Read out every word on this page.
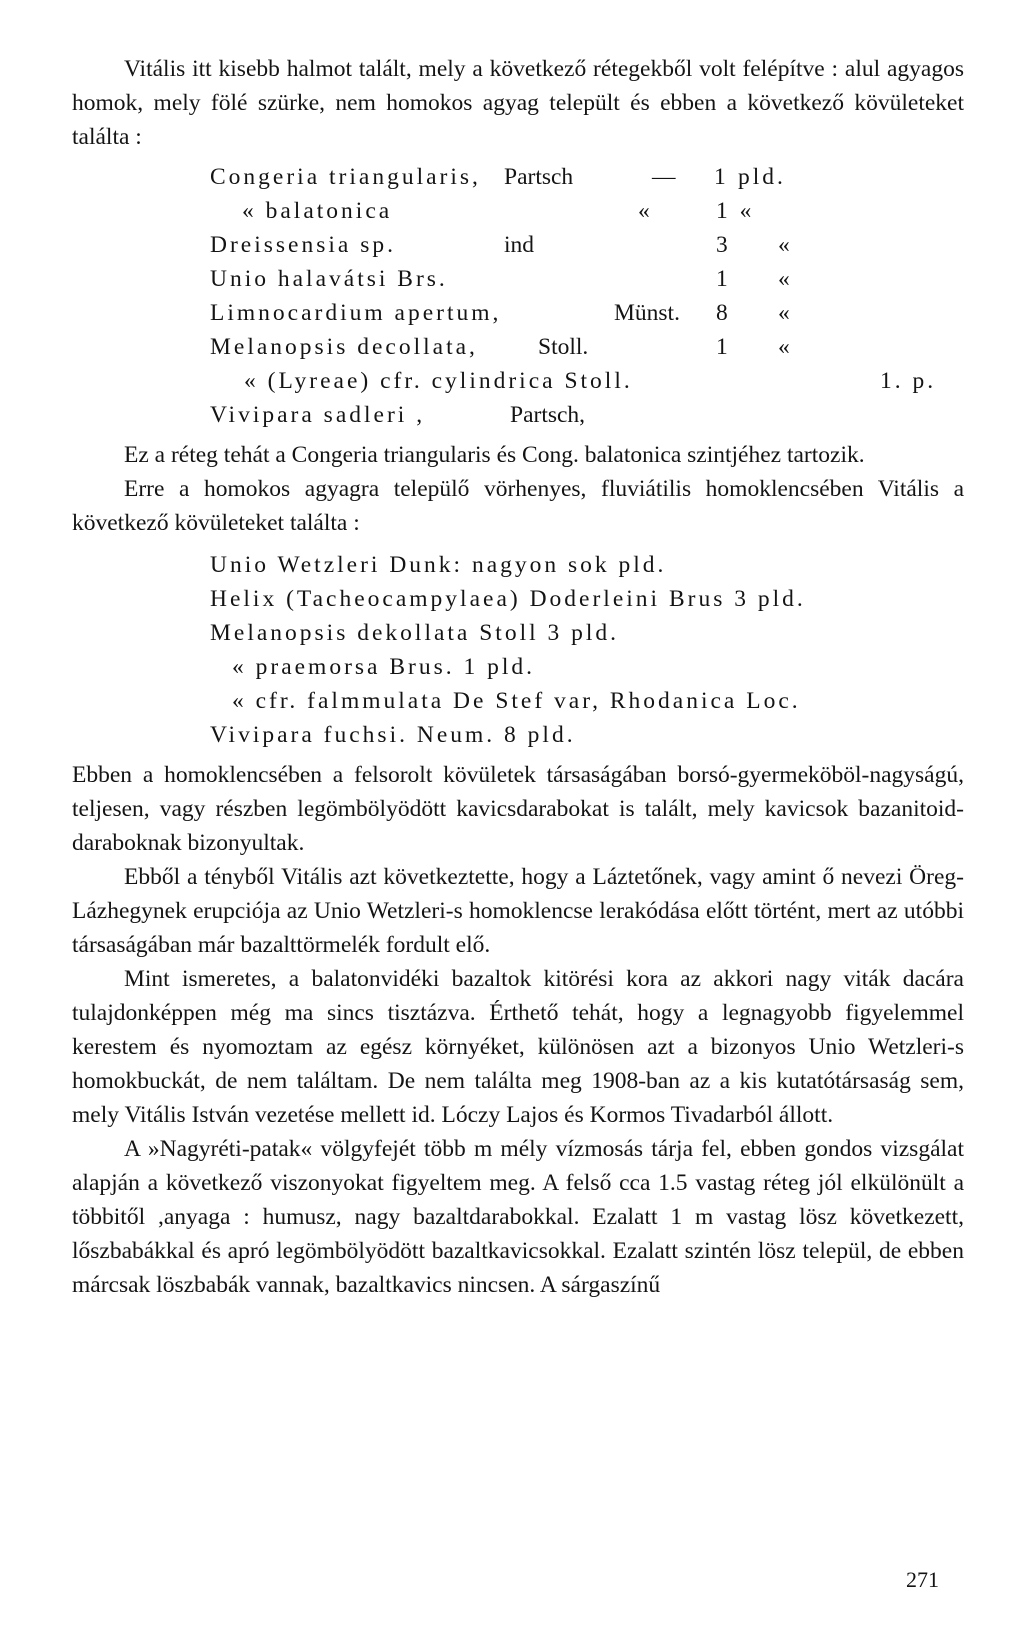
Vitális itt kisebb halmot talált, mely a következő rétegekből volt felépítve : alul agyagos homok, mely fölé szürke, nem homokos agyag települt és ebben a következő kövületeket találta :

Congeria triangularis, Partsch	— 1 pld.
« balatonica	«	1 «
Dreissensia sp.	ind	3 «
Unio halavátsi Brs.	1 «
Limnocardium apertum,	Münst. 8 «
Melanopsis decollata,	Stoll.	1 «
« (Lyreae) cfr. cylindrica Stoll.	1. p.
Vivipara sadleri ,	Partsch,

Ez a réteg tehát a Congeria triangularis és Cong. balatonica szintjéhez tartozik.

Erre a homokos agyagra települő vörhenyes, fluviátilis homoklencsében Vitális a következő kövületeket találta :

Unio Wetzleri Dunk: nagyon sok pld.
Helix (Tacheocampylaea) Doderleini Brus 3 pld.
Melanopsis dekollata Stoll 3 pld.
« praemorsa Brus. 1 pld.
« cfr. falmmulata De Stef var, Rhodanica Loc.
Vivipara fuchsi. Neum. 8 pld.

Ebben a homoklencsében a felsorolt kövületek társaságában borsó-gyermeköböl-nagyságú, teljesen, vagy részben legömbölyödött kavicsdarabokat is talált, mely kavicsok bazanitoid-daraboknak bizonyultak.

Ebből a tényből Vitális azt következtette, hogy a Láztetőnek, vagy amint ő nevezi Öreg-Lázhegynek erupciója az Unio Wetzleri-s homoklencse lerakódása előtt történt, mert az utóbbi társaságában már bazalttörmelék fordult elő.

Mint ismeretes, a balatonvidéki bazaltok kitörési kora az akkori nagy viták dacára tulajdonképpen még ma sincs tisztázva. Érthető tehát, hogy a legnagyobb figyelemmel kerestem és nyomoztam az egész környéket, különösen azt a bizonyos Unio Wetzleri-s homokbuckát, de nem találtam. De nem találta meg 1908-ban az a kis kutatótársaság sem, mely Vitális István vezetése mellett id. Lóczy Lajos és Kormos Tivadarból állott.

A »Nagyréti-patak« völgyfejét több m mély vízmosás tárja fel, ebben gondos vizsgálat alapján a következő viszonyokat figyeltem meg. A felső cca 1.5 vastag réteg jól elkülönült a többitől ,anyaga : humusz, nagy bazaltdarabokkal. Ezalatt 1 m vastag lösz következett, lőszbabákkal és apró legömbölyödött bazaltkavicsokkal. Ezalatt szintén lösz települ, de ebben márcsak löszbabák vannak, bazaltkavics nincsen. A sárgaszínű

271
